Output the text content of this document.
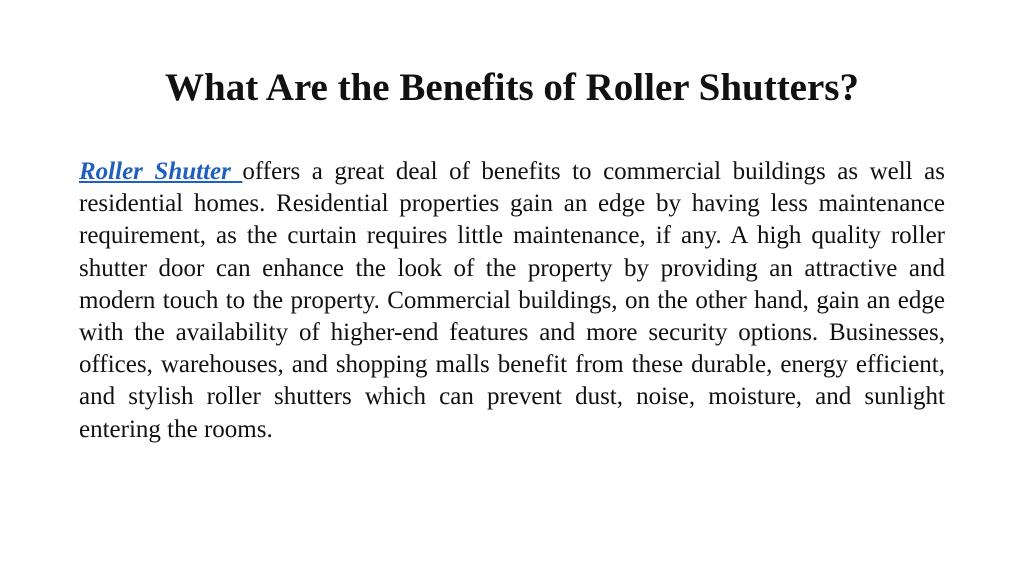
What Are the Benefits of Roller Shutters?

Roller Shutter offers a great deal of benefits to commercial buildings as well as residential homes. Residential properties gain an edge by having less maintenance requirement, as the curtain requires little maintenance, if any. A high quality roller shutter door can enhance the look of the property by providing an attractive and modern touch to the property. Commercial buildings, on the other hand, gain an edge with the availability of higher-end features and more security options. Businesses, offices, warehouses, and shopping malls benefit from these durable, energy efficient, and stylish roller shutters which can prevent dust, noise, moisture, and sunlight entering the rooms.
